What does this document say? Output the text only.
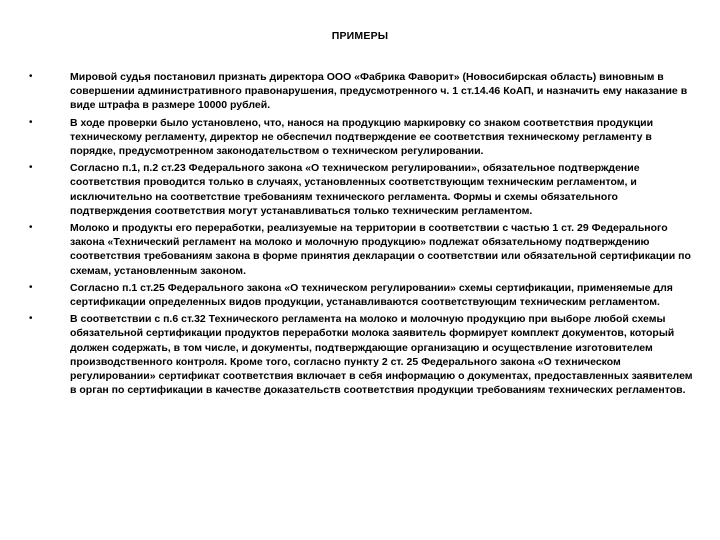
ПРИМЕРЫ
•	Мировой судья постановил признать директора ООО «Фабрика Фаворит» (Новосибирская область) виновным в совершении административного правонарушения, предусмотренного ч. 1 ст.14.46 КоАП, и назначить ему наказание в виде штрафа в размере 10000 рублей.
•	В ходе проверки было установлено, что, нанося на продукцию маркировку со знаком соответствия продукции техническому регламенту, директор не обеспечил подтверждение ее соответствия техническому регламенту в порядке, предусмотренном законодательством о техническом регулировании.
•	Согласно п.1, п.2 ст.23 Федерального закона «О техническом регулировании», обязательное подтверждение соответствия проводится только в случаях, установленных соответствующим техническим регламентом, и исключительно на соответствие требованиям технического регламента. Формы и схемы обязательного подтверждения соответствия могут устанавливаться только техническим регламентом.
•	Молоко и продукты его переработки, реализуемые на территории в соответствии с частью 1 ст. 29 Федерального закона «Технический регламент на молоко и молочную продукцию» подлежат обязательному подтверждению соответствия требованиям закона в форме принятия декларации о соответствии или обязательной сертификации по схемам, установленным законом.
•	Согласно п.1 ст.25 Федерального закона «О техническом регулировании» схемы сертификации, применяемые для сертификации определенных видов продукции, устанавливаются соответствующим техническим регламентом.
•	В соответствии с п.6 ст.32 Технического регламента на молоко и молочную продукцию при выборе любой схемы обязательной сертификации продуктов переработки молока заявитель формирует комплект документов, который должен содержать, в том числе, и документы, подтверждающие организацию и осуществление изготовителем производственного контроля. Кроме того, согласно пункту 2 ст. 25 Федерального закона «О техническом регулировании» сертификат соответствия включает в себя информацию о документах, предоставленных заявителем в орган по сертификации в качестве доказательств соответствия продукции требованиям технических регламентов.
